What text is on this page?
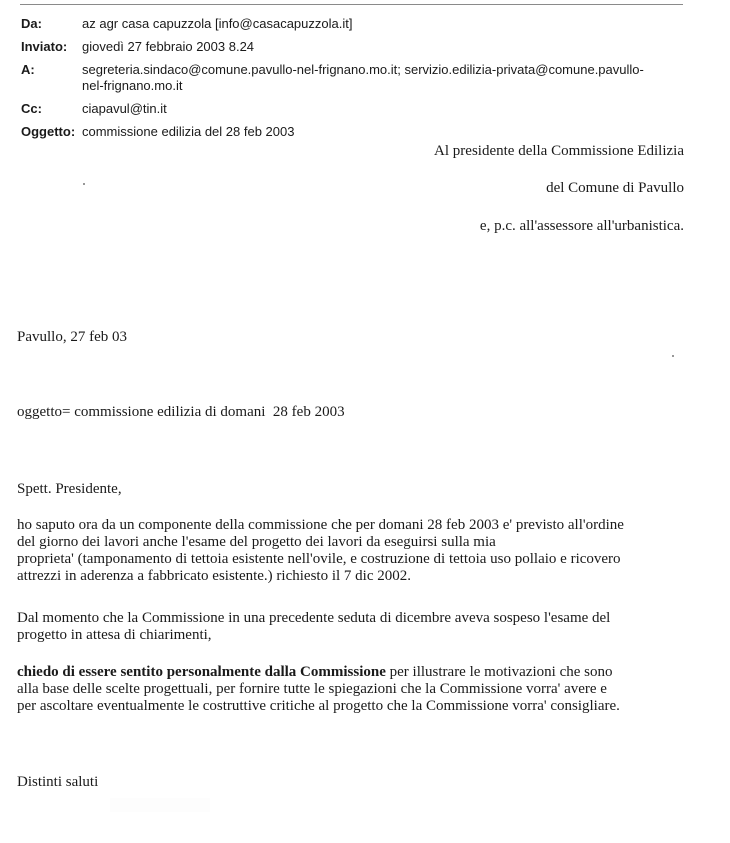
Da:	az agr casa capuzzola [info@casacapuzzola.it]
Inviato:	giovedì 27 febbraio 2003 8.24
A:	segreteria.sindaco@comune.pavullo-nel-frignano.mo.it; servizio.edilizia-privata@comune.pavullo-
nel-frignano.mo.it
Cc:	ciapavul@tin.it
Oggetto: commissione edilizia del 28 feb 2003
Al presidente della Commissione Edilizia
del Comune di Pavullo
e, p.c. all'assessore all'urbanistica.
Pavullo, 27 feb 03
oggetto= commissione edilizia di domani  28 feb 2003
Spett. Presidente,

ho saputo ora da un componente della commissione che per domani 28 feb 2003 e' previsto all'ordine

del giorno dei lavori anche l'esame del progetto dei lavori da eseguirsi sulla mia

proprieta' (tamponamento di tettoia esistente nell'ovile, e costruzione di tettoia uso pollaio e ricovero

attrezzi in aderenza a fabbricato esistente.) richiesto il 7 dic 2002.

Dal momento che la Commissione in una precedente seduta di dicembre aveva sospeso l'esame del

progetto in attesa di chiarimenti,

chiedo di essere sentito personalmente dalla Commissione per illustrare le motivazioni che sono

alla base delle scelte progettuali, per fornire tutte le spiegazioni che la Commissione vorra' avere e

per ascoltare eventualmente le costruttive critiche al progetto che la Commissione vorra' consigliare.

Distinti saluti
